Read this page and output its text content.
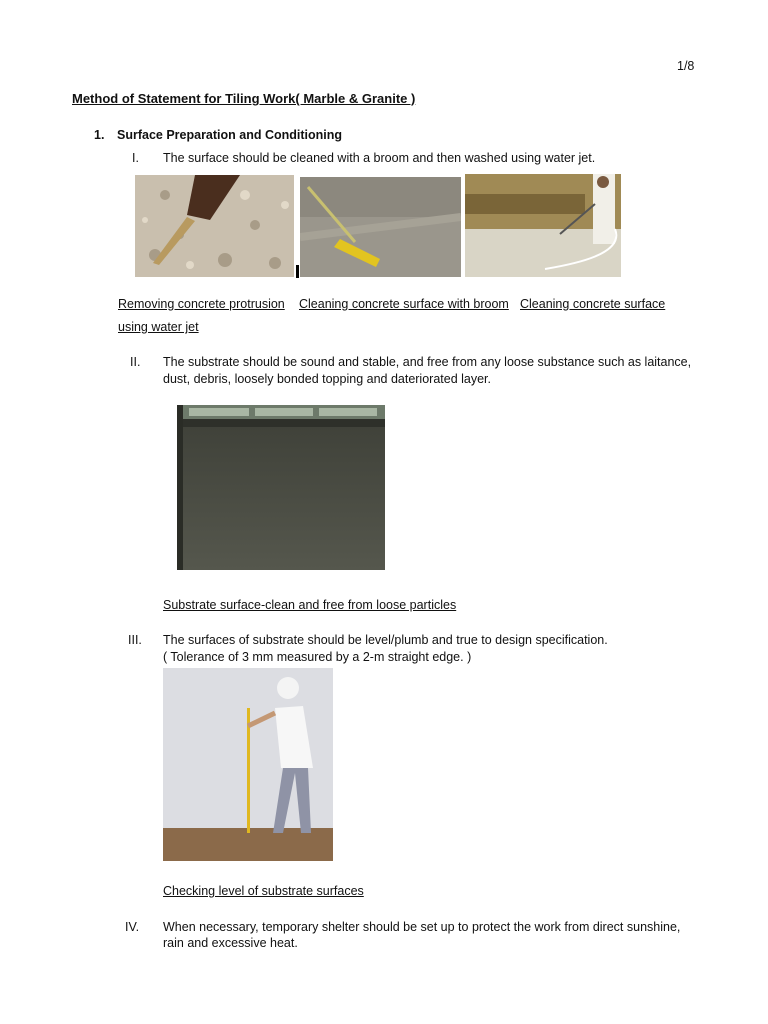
1/8
Method of Statement for Tiling Work( Marble & Granite )
1. Surface Preparation and Conditioning
I. The surface should be cleaned with a broom and then washed using water jet.
Removing concrete protrusion Cleaning concrete surface with broom Cleaning concrete surface
using water jet
II. The substrate should be sound and stable, and free from any loose substance such as laitance,
dust, debris, loosely bonded topping and dateriorated layer.
Substrate surface-clean and free from loose particles
III. The surfaces of substrate should be level/plumb and true to design specification.
( Tolerance of 3 mm measured by a 2-m straight edge. )
Checking level of substrate surfaces
IV. When necessary, temporary shelter should be set up to protect the work from direct sunshine,
rain and excessive heat.
